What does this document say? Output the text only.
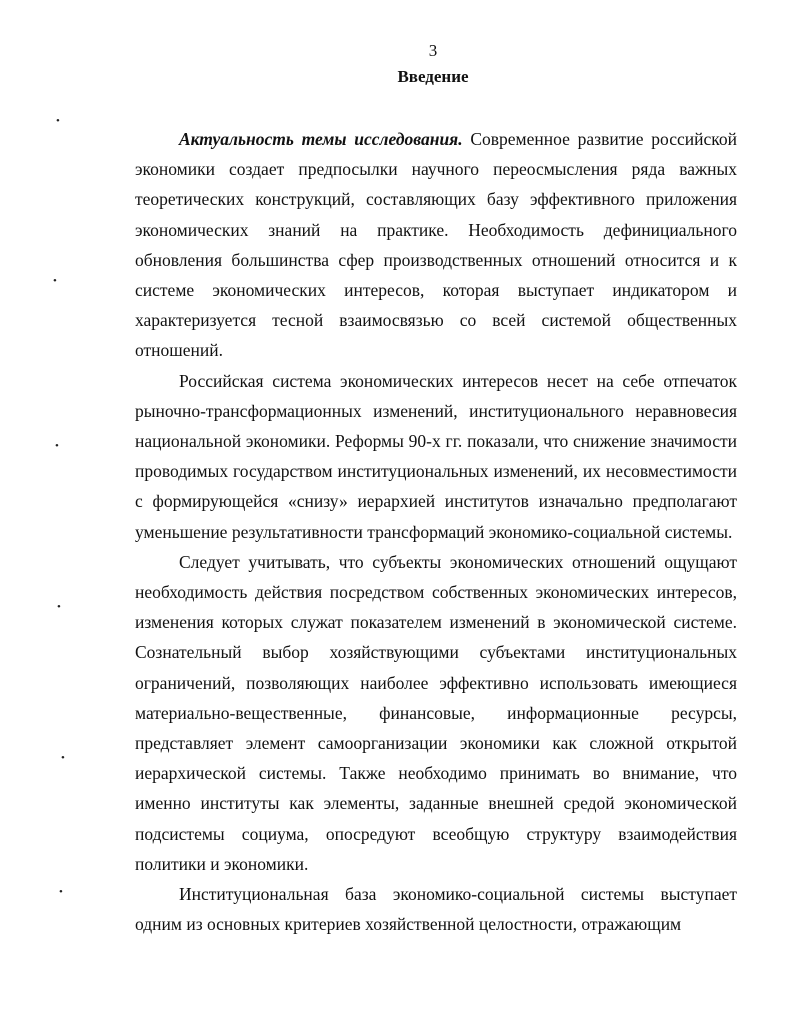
3
Введение

Актуальность темы исследования. Современное развитие российской экономики создает предпосылки научного переосмысления ряда важных теоретических конструкций, составляющих базу эффективного приложения экономических знаний на практике. Необходимость дефинициального обновления большинства сфер производственных отношений относится и к системе экономических интересов, которая выступает индикатором и характеризуется тесной взаимосвязью со всей системой общественных отношений.

Российская система экономических интересов несет на себе отпечаток рыночно-трансформационных изменений, институционального неравновесия национальной экономики. Реформы 90-х гг. показали, что снижение значимости проводимых государством институциональных изменений, их несовместимости с формирующейся «снизу» иерархией институтов изначально предполагают уменьшение результативности трансформаций экономико-социальной системы.

Следует учитывать, что субъекты экономических отношений ощущают необходимость действия посредством собственных экономических интересов, изменения которых служат показателем изменений в экономической системе. Сознательный выбор хозяйствующими субъектами институциональных ограничений, позволяющих наиболее эффективно использовать имеющиеся материально-вещественные, финансовые, информационные ресурсы, представляет элемент самоорганизации экономики как сложной открытой иерархической системы. Также необходимо принимать во внимание, что именно институты как элементы, заданные внешней средой экономической подсистемы социума, опосредуют всеобщую структуру взаимодействия политики и экономики.

Институциональная база экономико-социальной системы выступает одним из основных критериев хозяйственной целостности, отражающим

•
•
•
•
•
•
